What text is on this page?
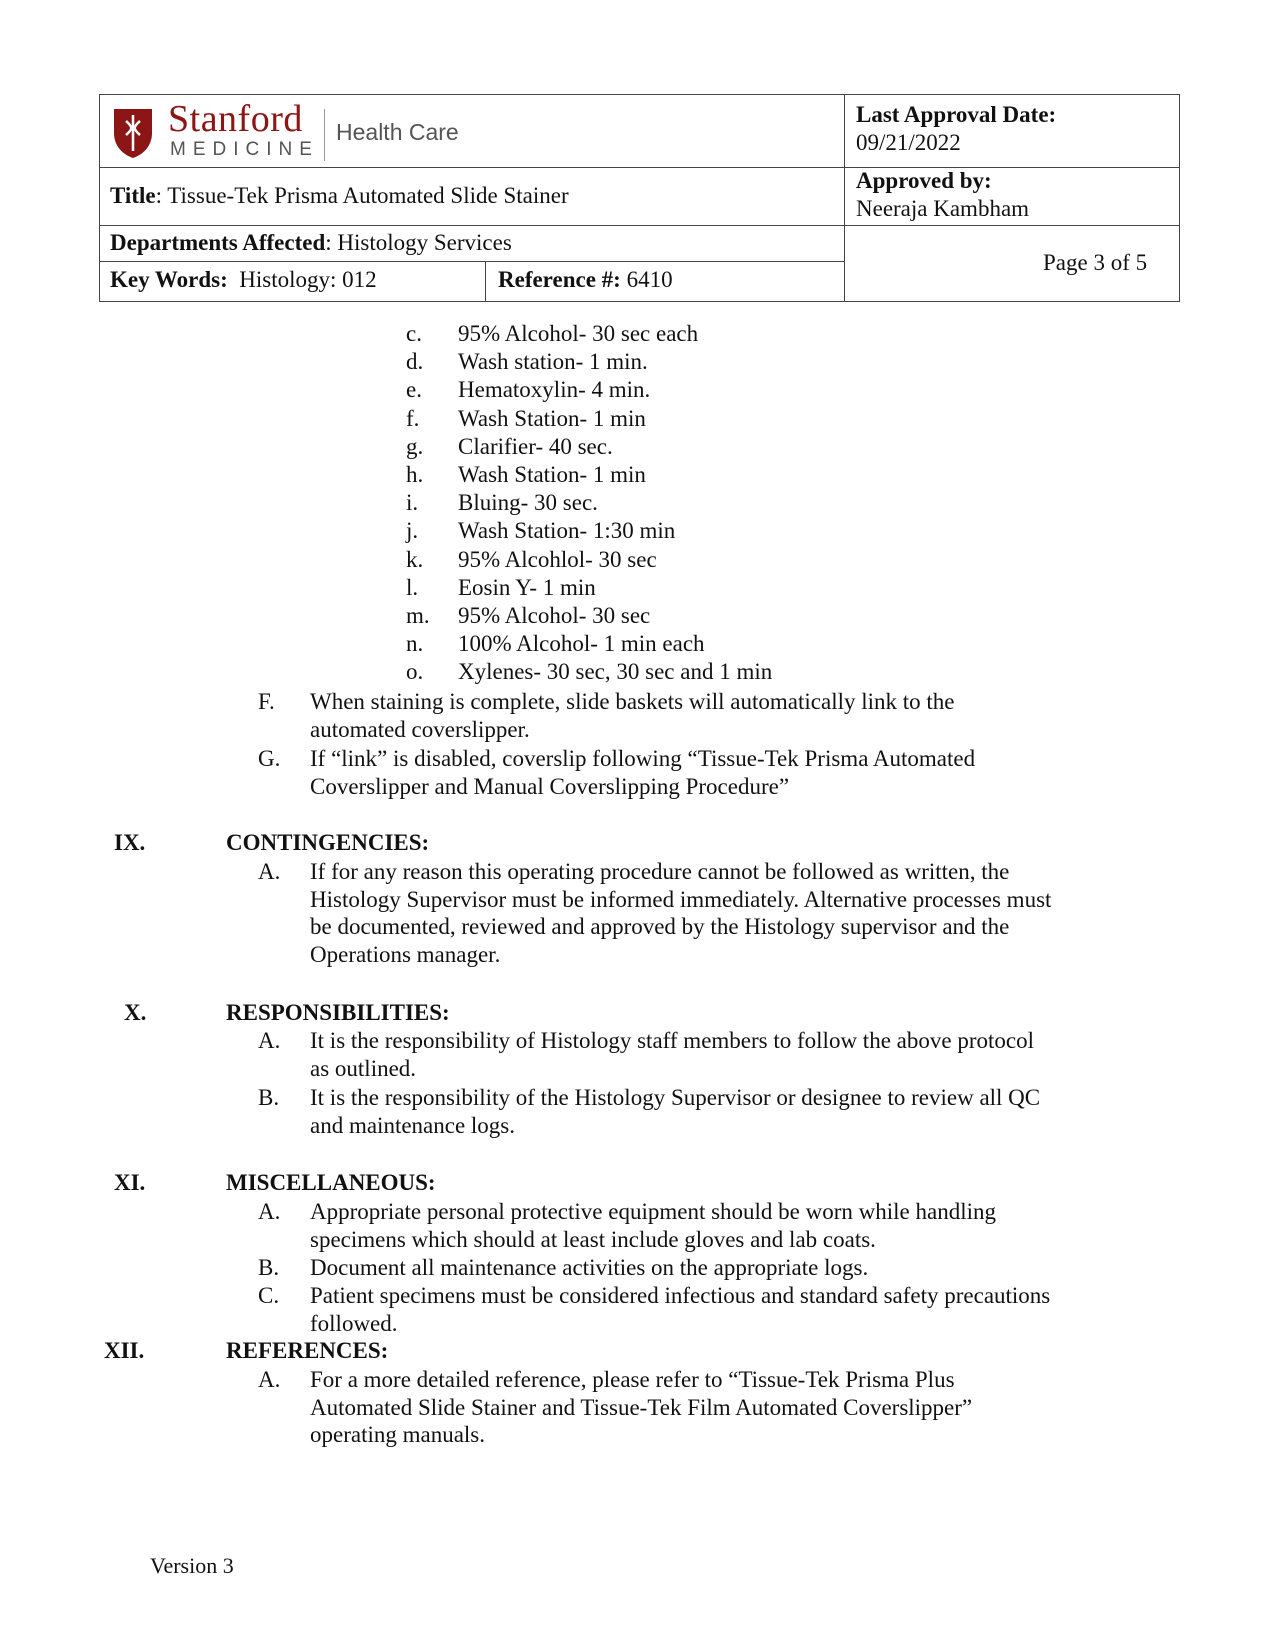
Stanford
MEDICINE
Health Care
Last Approval Date:
09/21/2022
Title: Tissue-Tek Prisma Automated Slide Stainer
Approved by:
Neeraja Kambham
Departments Affected: Histology Services
Page 3 of 5
Key Words: Histology: 012	Reference #: 6410
c. 95% Alcohol- 30 sec each
d. Wash station- 1 min.
e. Hematoxylin- 4 min.
f. Wash Station- 1 min
g. Clarifier- 40 sec.
h. Wash Station- 1 min
i. Bluing- 30 sec.
j. Wash Station- 1:30 min
k. 95% Alcohlol- 30 sec
l. Eosin Y- 1 min
m. 95% Alcohol- 30 sec
n. 100% Alcohol- 1 min each
o. Xylenes- 30 sec, 30 sec and 1 min
F. When staining is complete, slide baskets will automatically link to the
automated coverslipper.
G. If “link” is disabled, coverslip following “Tissue-Tek Prisma Automated
Coverslipper and Manual Coverslipping Procedure”
IX.	CONTINGENCIES:
A. If for any reason this operating procedure cannot be followed as written, the
Histology Supervisor must be informed immediately. Alternative processes must
be documented, reviewed and approved by the Histology supervisor and the
Operations manager.
X.	RESPONSIBILITIES:
A. It is the responsibility of Histology staff members to follow the above protocol
as outlined.
B. It is the responsibility of the Histology Supervisor or designee to review all QC
and maintenance logs.
XI.	MISCELLANEOUS:
A. Appropriate personal protective equipment should be worn while handling
specimens which should at least include gloves and lab coats.
B. Document all maintenance activities on the appropriate logs.
C. Patient specimens must be considered infectious and standard safety precautions
followed.
XII.	REFERENCES:
A. For a more detailed reference, please refer to “Tissue-Tek Prisma Plus
Automated Slide Stainer and Tissue-Tek Film Automated Coverslipper”
operating manuals.
Version 3
